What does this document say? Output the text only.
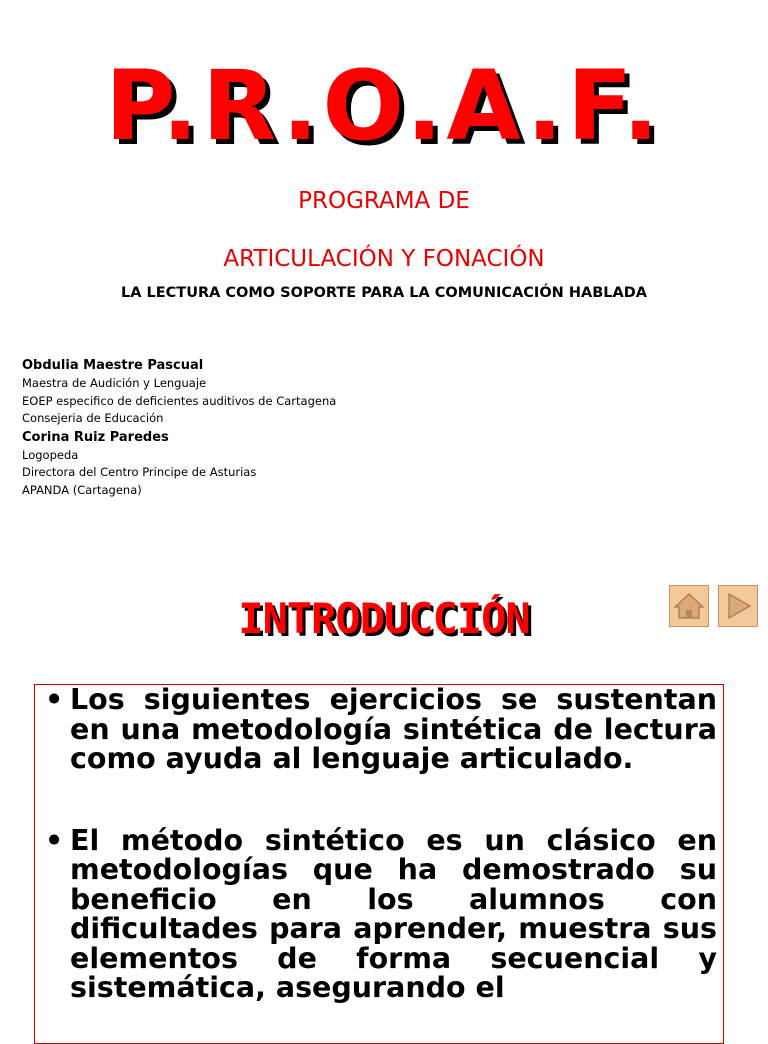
P.R.O.A.F.

PROGRAMA DE

ARTICULACIÓN Y FONACIÓN

LA LECTURA COMO SOPORTE PARA LA COMUNICACIÓN HABLADA

Obdulia Maestre Pascual
Maestra de Audición y Lenguaje
EOEP especifico de deficientes auditivos de Cartagena
Consejeria de Educación
Corina Ruiz Paredes
Logopeda
Directora del Centro Principe de Asturias
APANDA (Cartagena)
INTRODUCCIÓN
• Los siguientes ejercicios se sustentan en una metodología sintética de lectura como ayuda al lenguaje articulado.
• El método sintético es un clásico en metodologías que ha demostrado su beneficio en los alumnos con dificultades para aprender, muestra sus elementos de forma secuencial y sistemática, asegurando el
